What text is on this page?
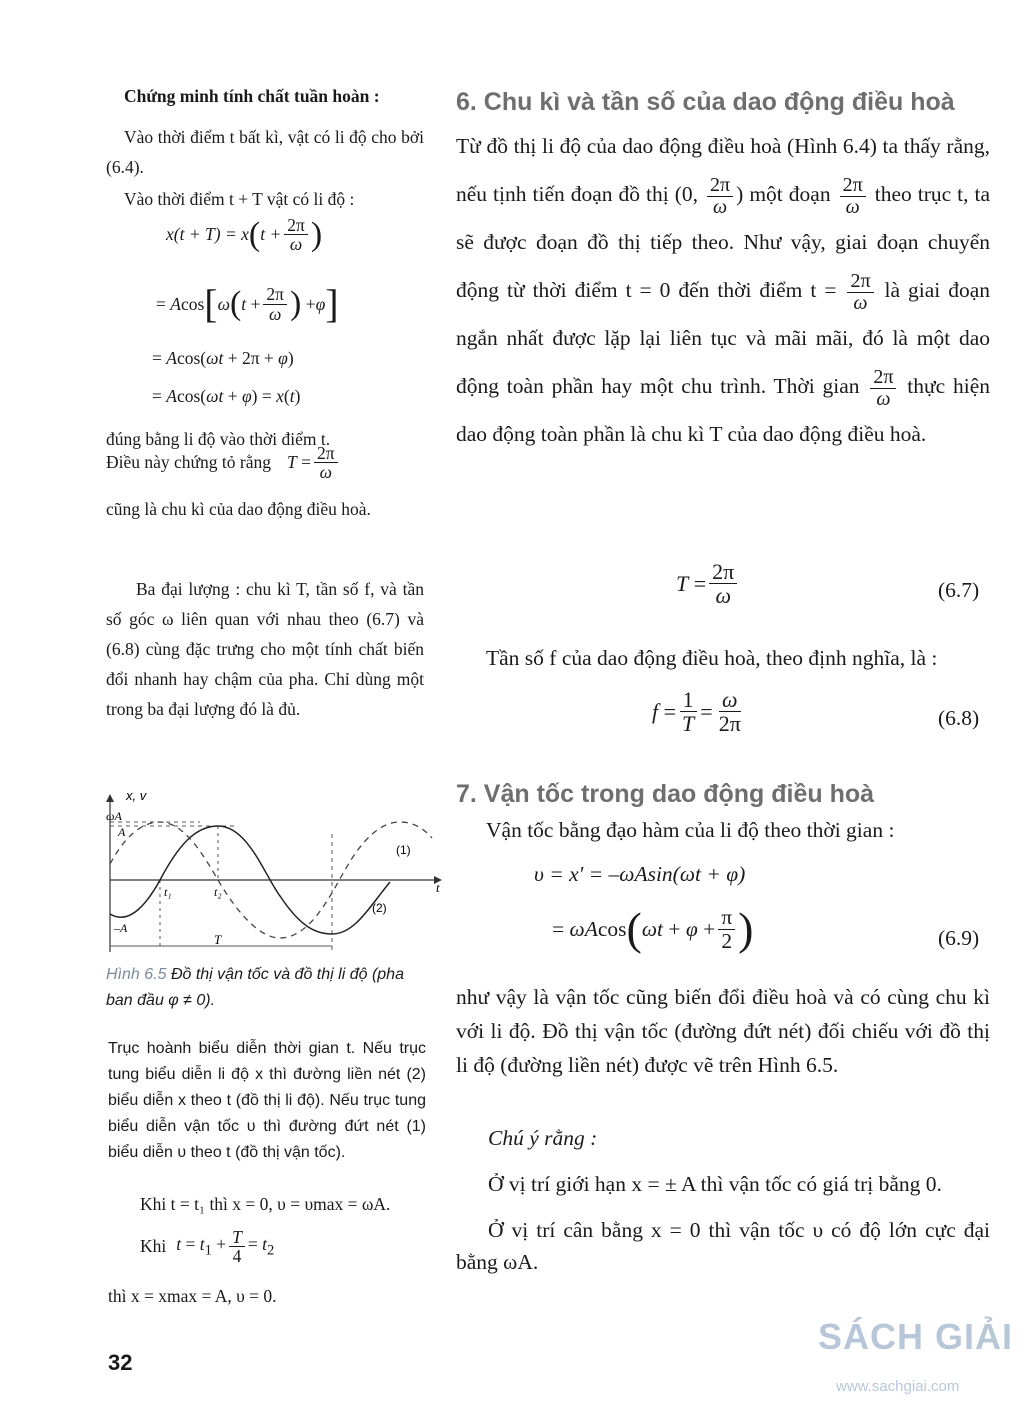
Chứng minh tính chất tuần hoàn :
Vào thời điểm t bất kì, vật có li độ cho bởi (6.4).
Vào thời điểm t + T vật có li độ :
x(t + T) = x ( $t + \frac{2\pi}{\omega}$ )
= Acos [ ω ( $t + \frac{2\pi}{\omega}$ ) + φ ]
= Acos(ωt + 2π + φ)
= Acos(ωt + φ) = x(t)
đúng bằng li độ vào thời điểm t.
Điều này chứng tỏ rằng $T = \frac{2\pi}{\omega}$
cũng là chu kì của dao động điều hoà.
Ba đại lượng : chu kì T, tần số f, và tần số góc ω liên quan với nhau theo (6.7) và (6.8) cùng đặc trưng cho một tính chất biến đổi nhanh hay chậm của pha. Chỉ dùng một trong ba đại lượng đó là đủ.
x, v
ωA
A
–A
t₁	t₂	t
T
(1)
(2)
Hình 6.5 Đồ thị vận tốc và đồ thị li độ (pha ban đầu φ ≠ 0).
Trục hoành biểu diễn thời gian t. Nếu trục tung biểu diễn li độ x thì đường liền nét (2) biểu diễn x theo t (đồ thị li độ). Nếu trục tung biểu diễn vận tốc υ thì đường đứt nét (1) biểu diễn υ theo t (đồ thị vận tốc).
Khi t = t₁ thì x = 0, υ = υmax = ωA.
Khi $t = t_1 + \frac{T}{4} = t_2$
thì x = xmax = A, υ = 0.
32
6. Chu kì và tần số của dao động điều hoà
Từ đồ thị li độ của dao động điều hoà (Hình 6.4) ta thấy rằng, nếu tịnh tiến đoạn đồ thị (0, $\frac{2\pi}{\omega}$ ) một đoạn $\frac{2\pi}{\omega}$ theo trục t, ta sẽ được đoạn đồ thị tiếp theo. Như vậy, giai đoạn chuyển động từ thời điểm t = 0 đến thời điểm $t = \frac{2\pi}{\omega}$ là giai đoạn ngắn nhất được lặp lại liên tục và mãi mãi, đó là một dao động toàn phần hay một chu trình. Thời gian $\frac{2\pi}{\omega}$ thực hiện dao động toàn phần là chu kì T của dao động điều hoà.
$T = \frac{2\pi}{\omega}$	(6.7)
Tần số f của dao động điều hoà, theo định nghĩa, là :
$f = \frac{1}{T} = \frac{\omega}{2\pi}$	(6.8)
7. Vận tốc trong dao động điều hoà
Vận tốc bằng đạo hàm của li độ theo thời gian :
υ = x' = –ωAsin(ωt + φ)
= ωAcos ( $\omega t + \varphi + \frac{\pi}{2}$ )	(6.9)
như vậy là vận tốc cũng biến đổi điều hoà và có cùng chu kì với li độ. Đồ thị vận tốc (đường đứt nét) đối chiếu với đồ thị li độ (đường liền nét) được vẽ trên Hình 6.5.
Chú ý rằng :
Ở vị trí giới hạn x = ± A thì vận tốc có giá trị bằng 0.
Ở vị trí cân bằng x = 0 thì vận tốc υ có độ lớn cực đại bằng ωA.
SÁCH GIẢI
www.sachgiai.com
